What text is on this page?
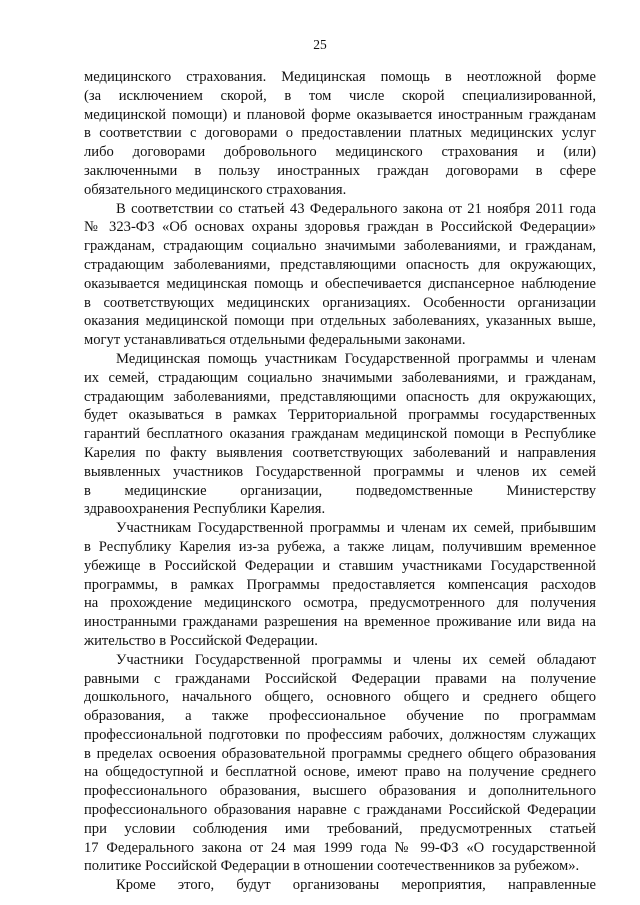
25
медицинского страхования. Медицинская помощь в неотложной форме
(за исключением скорой, в том числе скорой специализированной,
медицинской помощи) и плановой форме оказывается иностранным гражданам
в соответствии с договорами о предоставлении платных медицинских услуг
либо договорами добровольного медицинского страхования и (или)
заключенными в пользу иностранных граждан договорами в сфере
обязательного медицинского страхования.
В соответствии со статьей 43 Федерального закона от 21 ноября 2011 года
№ 323-ФЗ «Об основах охраны здоровья граждан в Российской Федерации»
гражданам, страдающим социально значимыми заболеваниями, и гражданам,
страдающим заболеваниями, представляющими опасность для окружающих,
оказывается медицинская помощь и обеспечивается диспансерное наблюдение
в соответствующих медицинских организациях. Особенности организации
оказания медицинской помощи при отдельных заболеваниях, указанных выше,
могут устанавливаться отдельными федеральными законами.
Медицинская помощь участникам Государственной программы и членам
их семей, страдающим социально значимыми заболеваниями, и гражданам,
страдающим заболеваниями, представляющими опасность для окружающих,
будет оказываться в рамках Территориальной программы государственных
гарантий бесплатного оказания гражданам медицинской помощи в Республике
Карелия по факту выявления соответствующих заболеваний и направления
выявленных участников Государственной программы и членов их семей
в медицинские организации, подведомственные Министерству
здравоохранения Республики Карелия.
Участникам Государственной программы и членам их семей, прибывшим
в Республику Карелия из-за рубежа, а также лицам, получившим временное
убежище в Российской Федерации и ставшим участниками Государственной
программы, в рамках Программы предоставляется компенсация расходов
на прохождение медицинского осмотра, предусмотренного для получения
иностранными гражданами разрешения на временное проживание или вида на
жительство в Российской Федерации.
Участники Государственной программы и члены их семей обладают
равными с гражданами Российской Федерации правами на получение
дошкольного, начального общего, основного общего и среднего общего
образования, а также профессиональное обучение по программам
профессиональной подготовки по профессиям рабочих, должностям служащих
в пределах освоения образовательной программы среднего общего образования
на общедоступной и бесплатной основе, имеют право на получение среднего
профессионального образования, высшего образования и дополнительного
профессионального образования наравне с гражданами Российской Федерации
при условии соблюдения ими требований, предусмотренных статьей
17 Федерального закона от 24 мая 1999 года № 99-ФЗ «О государственной
политике Российской Федерации в отношении соотечественников за рубежом».
Кроме этого, будут организованы мероприятия, направленные
